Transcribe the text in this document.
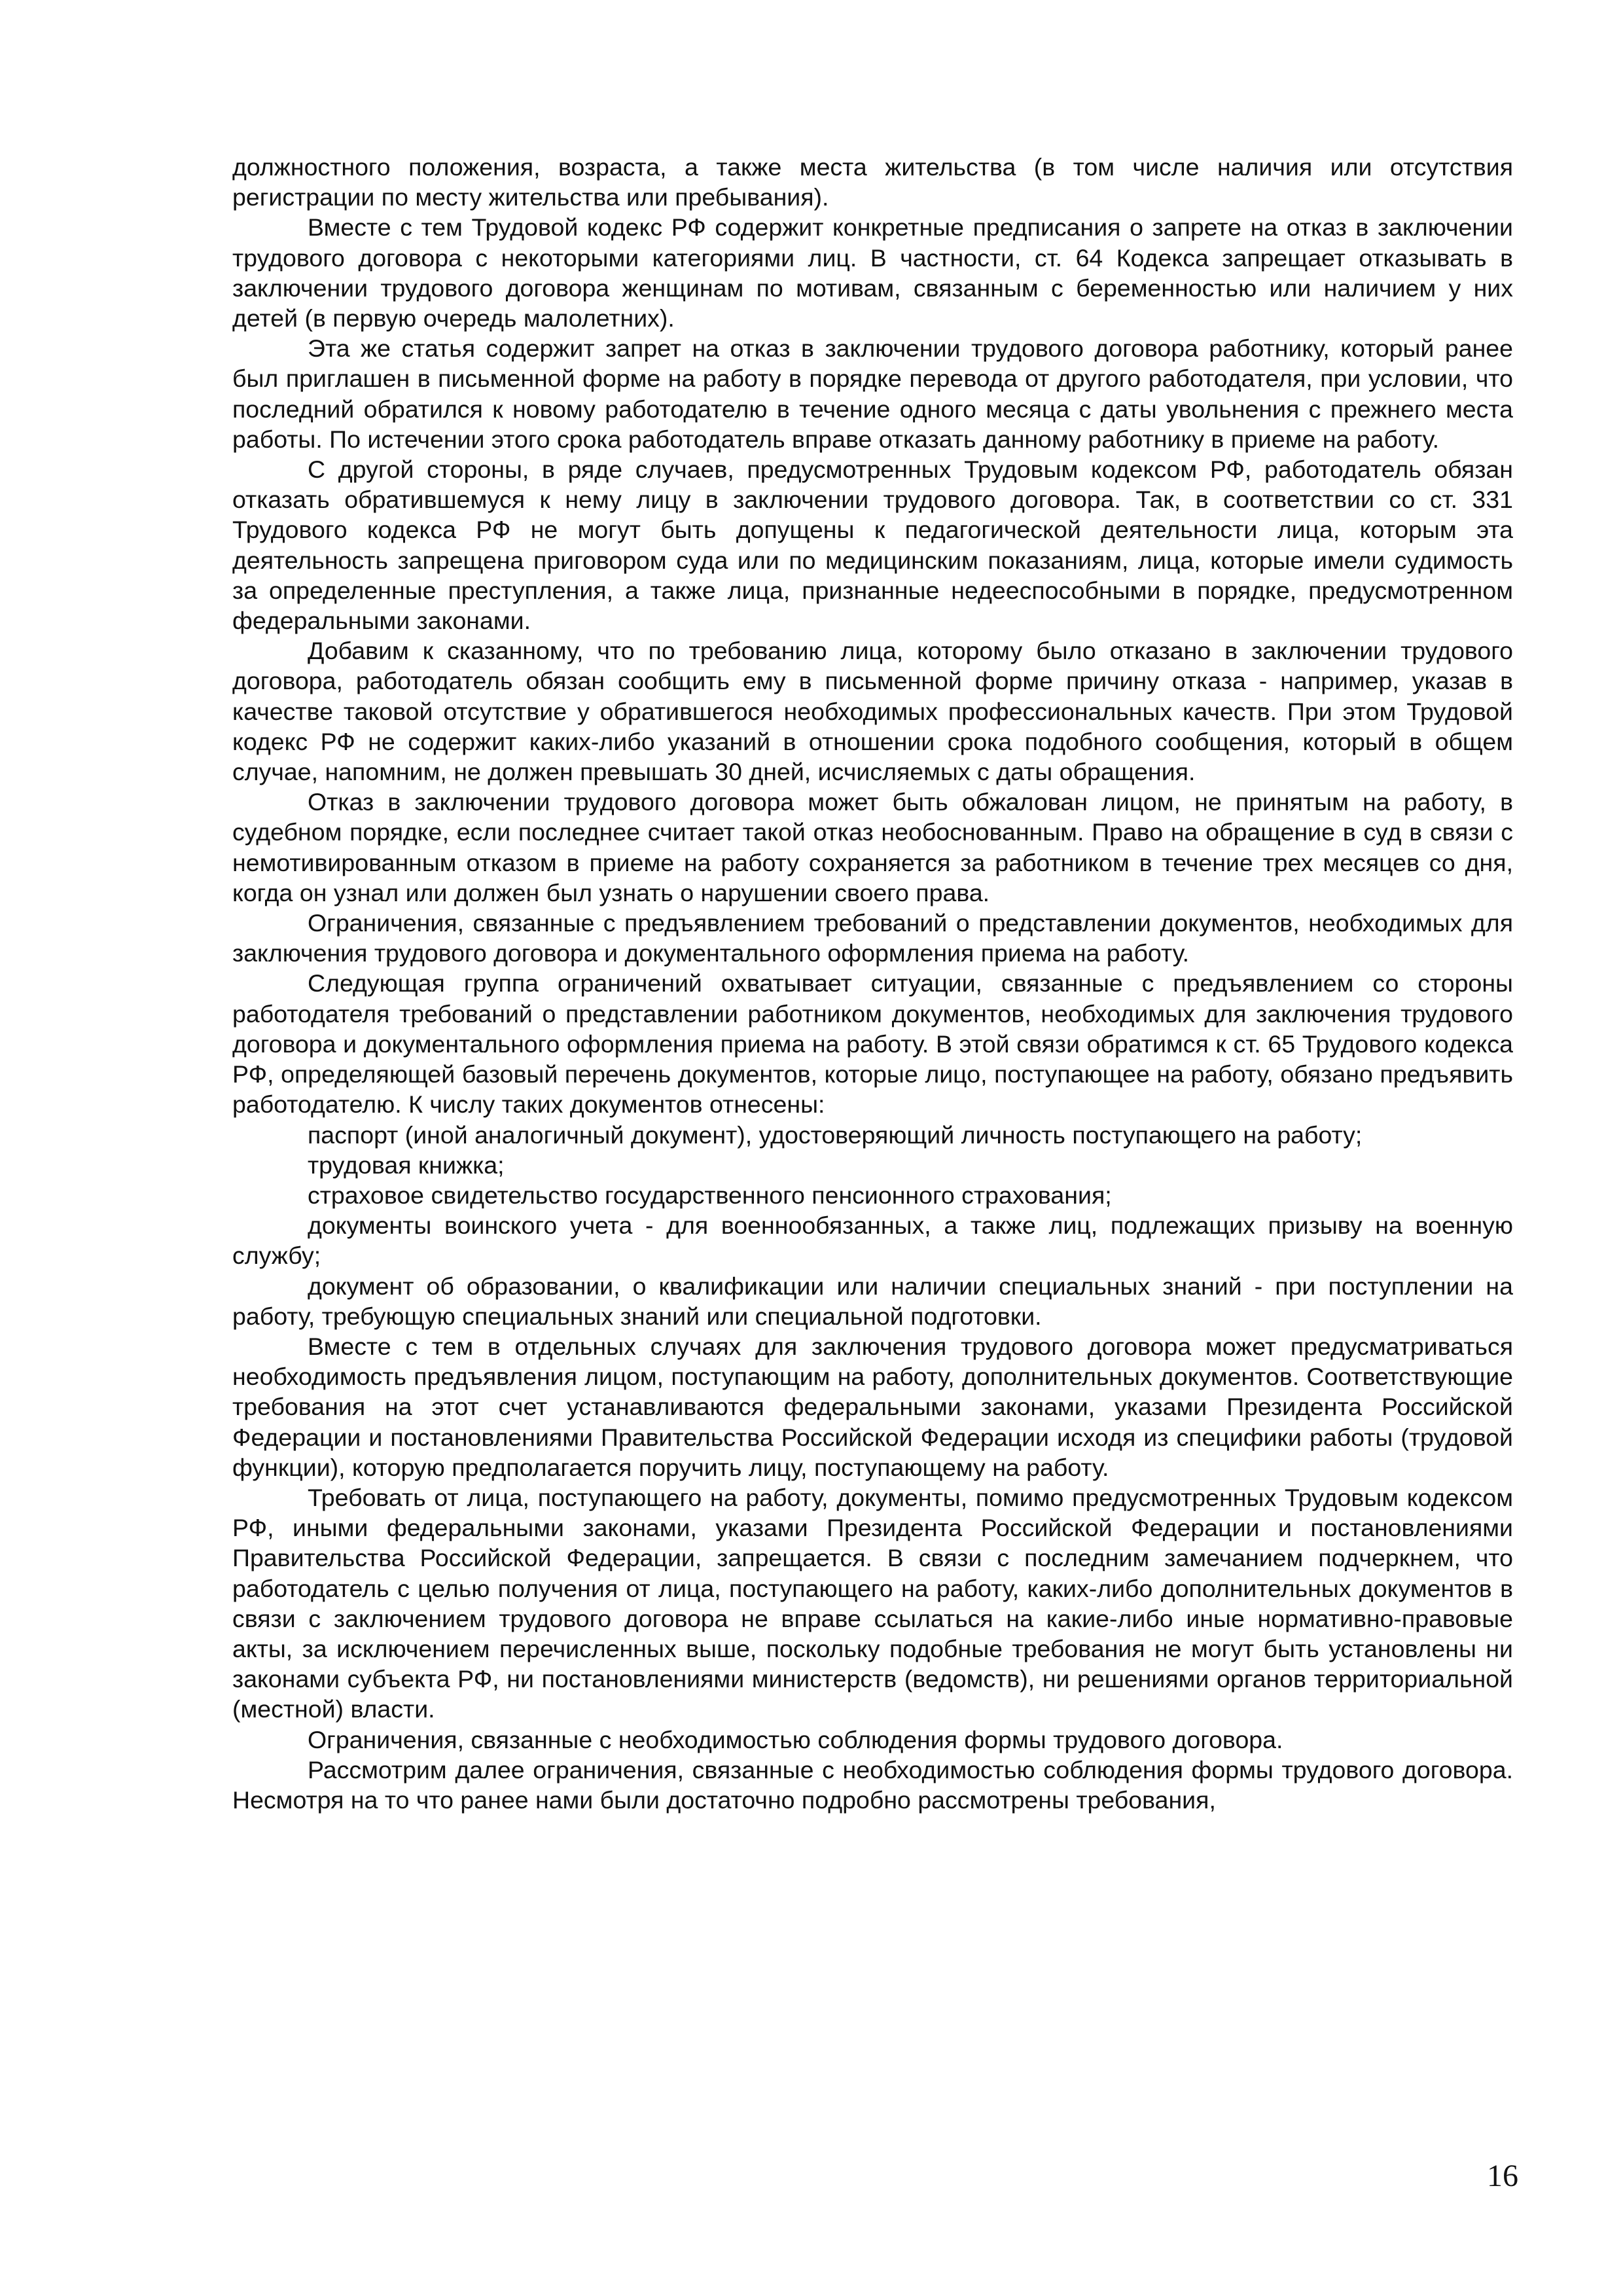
должностного положения, возраста, а также места жительства (в том числе наличия или отсутствия регистрации по месту жительства или пребывания).

Вместе с тем Трудовой кодекс РФ содержит конкретные предписания о запрете на отказ в заключении трудового договора с некоторыми категориями лиц. В частности, ст. 64 Кодекса запрещает отказывать в заключении трудового договора женщинам по мотивам, связанным с беременностью или наличием у них детей (в первую очередь малолетних).

Эта же статья содержит запрет на отказ в заключении трудового договора работнику, который ранее был приглашен в письменной форме на работу в порядке перевода от другого работодателя, при условии, что последний обратился к новому работодателю в течение одного месяца с даты увольнения с прежнего места работы. По истечении этого срока работодатель вправе отказать данному работнику в приеме на работу.

С другой стороны, в ряде случаев, предусмотренных Трудовым кодексом РФ, работодатель обязан отказать обратившемуся к нему лицу в заключении трудового договора. Так, в соответствии со ст. 331 Трудового кодекса РФ не могут быть допущены к педагогической деятельности лица, которым эта деятельность запрещена приговором суда или по медицинским показаниям, лица, которые имели судимость за определенные преступления, а также лица, признанные недееспособными в порядке, предусмотренном федеральными законами.

Добавим к сказанному, что по требованию лица, которому было отказано в заключении трудового договора, работодатель обязан сообщить ему в письменной форме причину отказа - например, указав в качестве таковой отсутствие у обратившегося необходимых профессиональных качеств. При этом Трудовой кодекс РФ не содержит каких-либо указаний в отношении срока подобного сообщения, который в общем случае, напомним, не должен превышать 30 дней, исчисляемых с даты обращения.

Отказ в заключении трудового договора может быть обжалован лицом, не принятым на работу, в судебном порядке, если последнее считает такой отказ необоснованным. Право на обращение в суд в связи с немотивированным отказом в приеме на работу сохраняется за работником в течение трех месяцев со дня, когда он узнал или должен был узнать о нарушении своего права.

Ограничения, связанные с предъявлением требований о представлении документов, необходимых для заключения трудового договора и документального оформления приема на работу.

Следующая группа ограничений охватывает ситуации, связанные с предъявлением со стороны работодателя требований о представлении работником документов, необходимых для заключения трудового договора и документального оформления приема на работу. В этой связи обратимся к ст. 65 Трудового кодекса РФ, определяющей базовый перечень документов, которые лицо, поступающее на работу, обязано предъявить работодателю. К числу таких документов отнесены:

паспорт (иной аналогичный документ), удостоверяющий личность поступающего на работу;

трудовая книжка;

страховое свидетельство государственного пенсионного страхования;

документы воинского учета - для военнообязанных, а также лиц, подлежащих призыву на военную службу;

документ об образовании, о квалификации или наличии специальных знаний - при поступлении на работу, требующую специальных знаний или специальной подготовки.

Вместе с тем в отдельных случаях для заключения трудового договора может предусматриваться необходимость предъявления лицом, поступающим на работу, дополнительных документов. Соответствующие требования на этот счет устанавливаются федеральными законами, указами Президента Российской Федерации и постановлениями Правительства Российской Федерации исходя из специфики работы (трудовой функции), которую предполагается поручить лицу, поступающему на работу.

Требовать от лица, поступающего на работу, документы, помимо предусмотренных Трудовым кодексом РФ, иными федеральными законами, указами Президента Российской Федерации и постановлениями Правительства Российской Федерации, запрещается. В связи с последним замечанием подчеркнем, что работодатель с целью получения от лица, поступающего на работу, каких-либо дополнительных документов в связи с заключением трудового договора не вправе ссылаться на какие-либо иные нормативно-правовые акты, за исключением перечисленных выше, поскольку подобные требования не могут быть установлены ни законами субъекта РФ, ни постановлениями министерств (ведомств), ни решениями органов территориальной (местной) власти.

Ограничения, связанные с необходимостью соблюдения формы трудового договора.

Рассмотрим далее ограничения, связанные с необходимостью соблюдения формы трудового договора. Несмотря на то что ранее нами были достаточно подробно рассмотрены требования,

16
